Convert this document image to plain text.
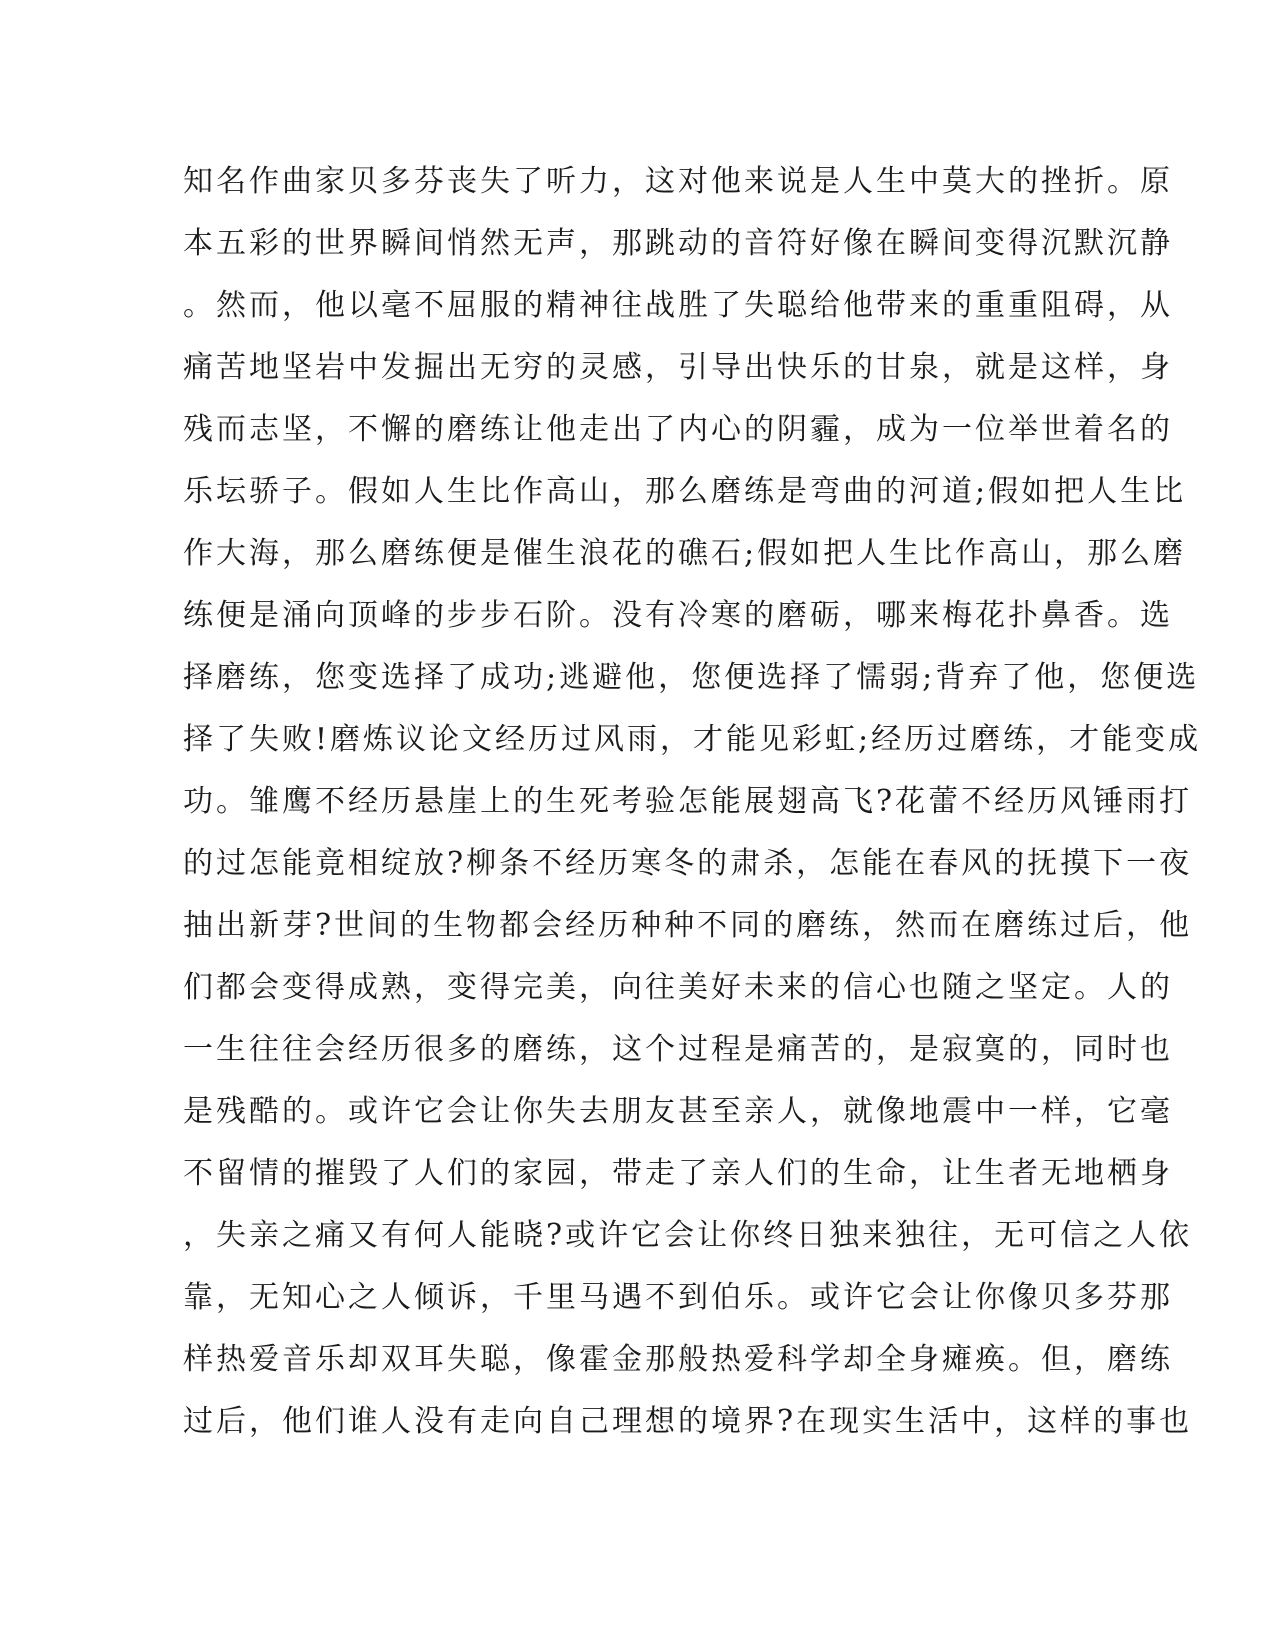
知名作曲家贝多芬丧失了听力，这对他来说是人生中莫大的挫折。原
本五彩的世界瞬间悄然无声，那跳动的音符好像在瞬间变得沉默沉静
。然而，他以毫不屈服的精神往战胜了失聪给他带来的重重阻碍，从
痛苦地坚岩中发掘出无穷的灵感，引导出快乐的甘泉，就是这样，身
残而志坚，不懈的磨练让他走出了内心的阴霾，成为一位举世着名的
乐坛骄子。假如人生比作高山，那么磨练是弯曲的河道;假如把人生比
作大海，那么磨练便是催生浪花的礁石;假如把人生比作高山，那么磨
练便是涌向顶峰的步步石阶。没有冷寒的磨砺，哪来梅花扑鼻香。选
择磨练，您变选择了成功;逃避他，您便选择了懦弱;背弃了他，您便选
择了失败!磨炼议论文经历过风雨，才能见彩虹;经历过磨练，才能变成
功。雏鹰不经历悬崖上的生死考验怎能展翅高飞?花蕾不经历风锤雨打
的过怎能竟相绽放?柳条不经历寒冬的肃杀，怎能在春风的抚摸下一夜
抽出新芽?世间的生物都会经历种种不同的磨练，然而在磨练过后，他
们都会变得成熟，变得完美，向往美好未来的信心也随之坚定。人的
一生往往会经历很多的磨练，这个过程是痛苦的，是寂寞的，同时也
是残酷的。或许它会让你失去朋友甚至亲人，就像地震中一样，它毫
不留情的摧毁了人们的家园，带走了亲人们的生命，让生者无地栖身
，失亲之痛又有何人能晓?或许它会让你终日独来独往，无可信之人依
靠，无知心之人倾诉，千里马遇不到伯乐。或许它会让你像贝多芬那
样热爱音乐却双耳失聪，像霍金那般热爱科学却全身瘫痪。但，磨练
过后，他们谁人没有走向自己理想的境界?在现实生活中，这样的事也
